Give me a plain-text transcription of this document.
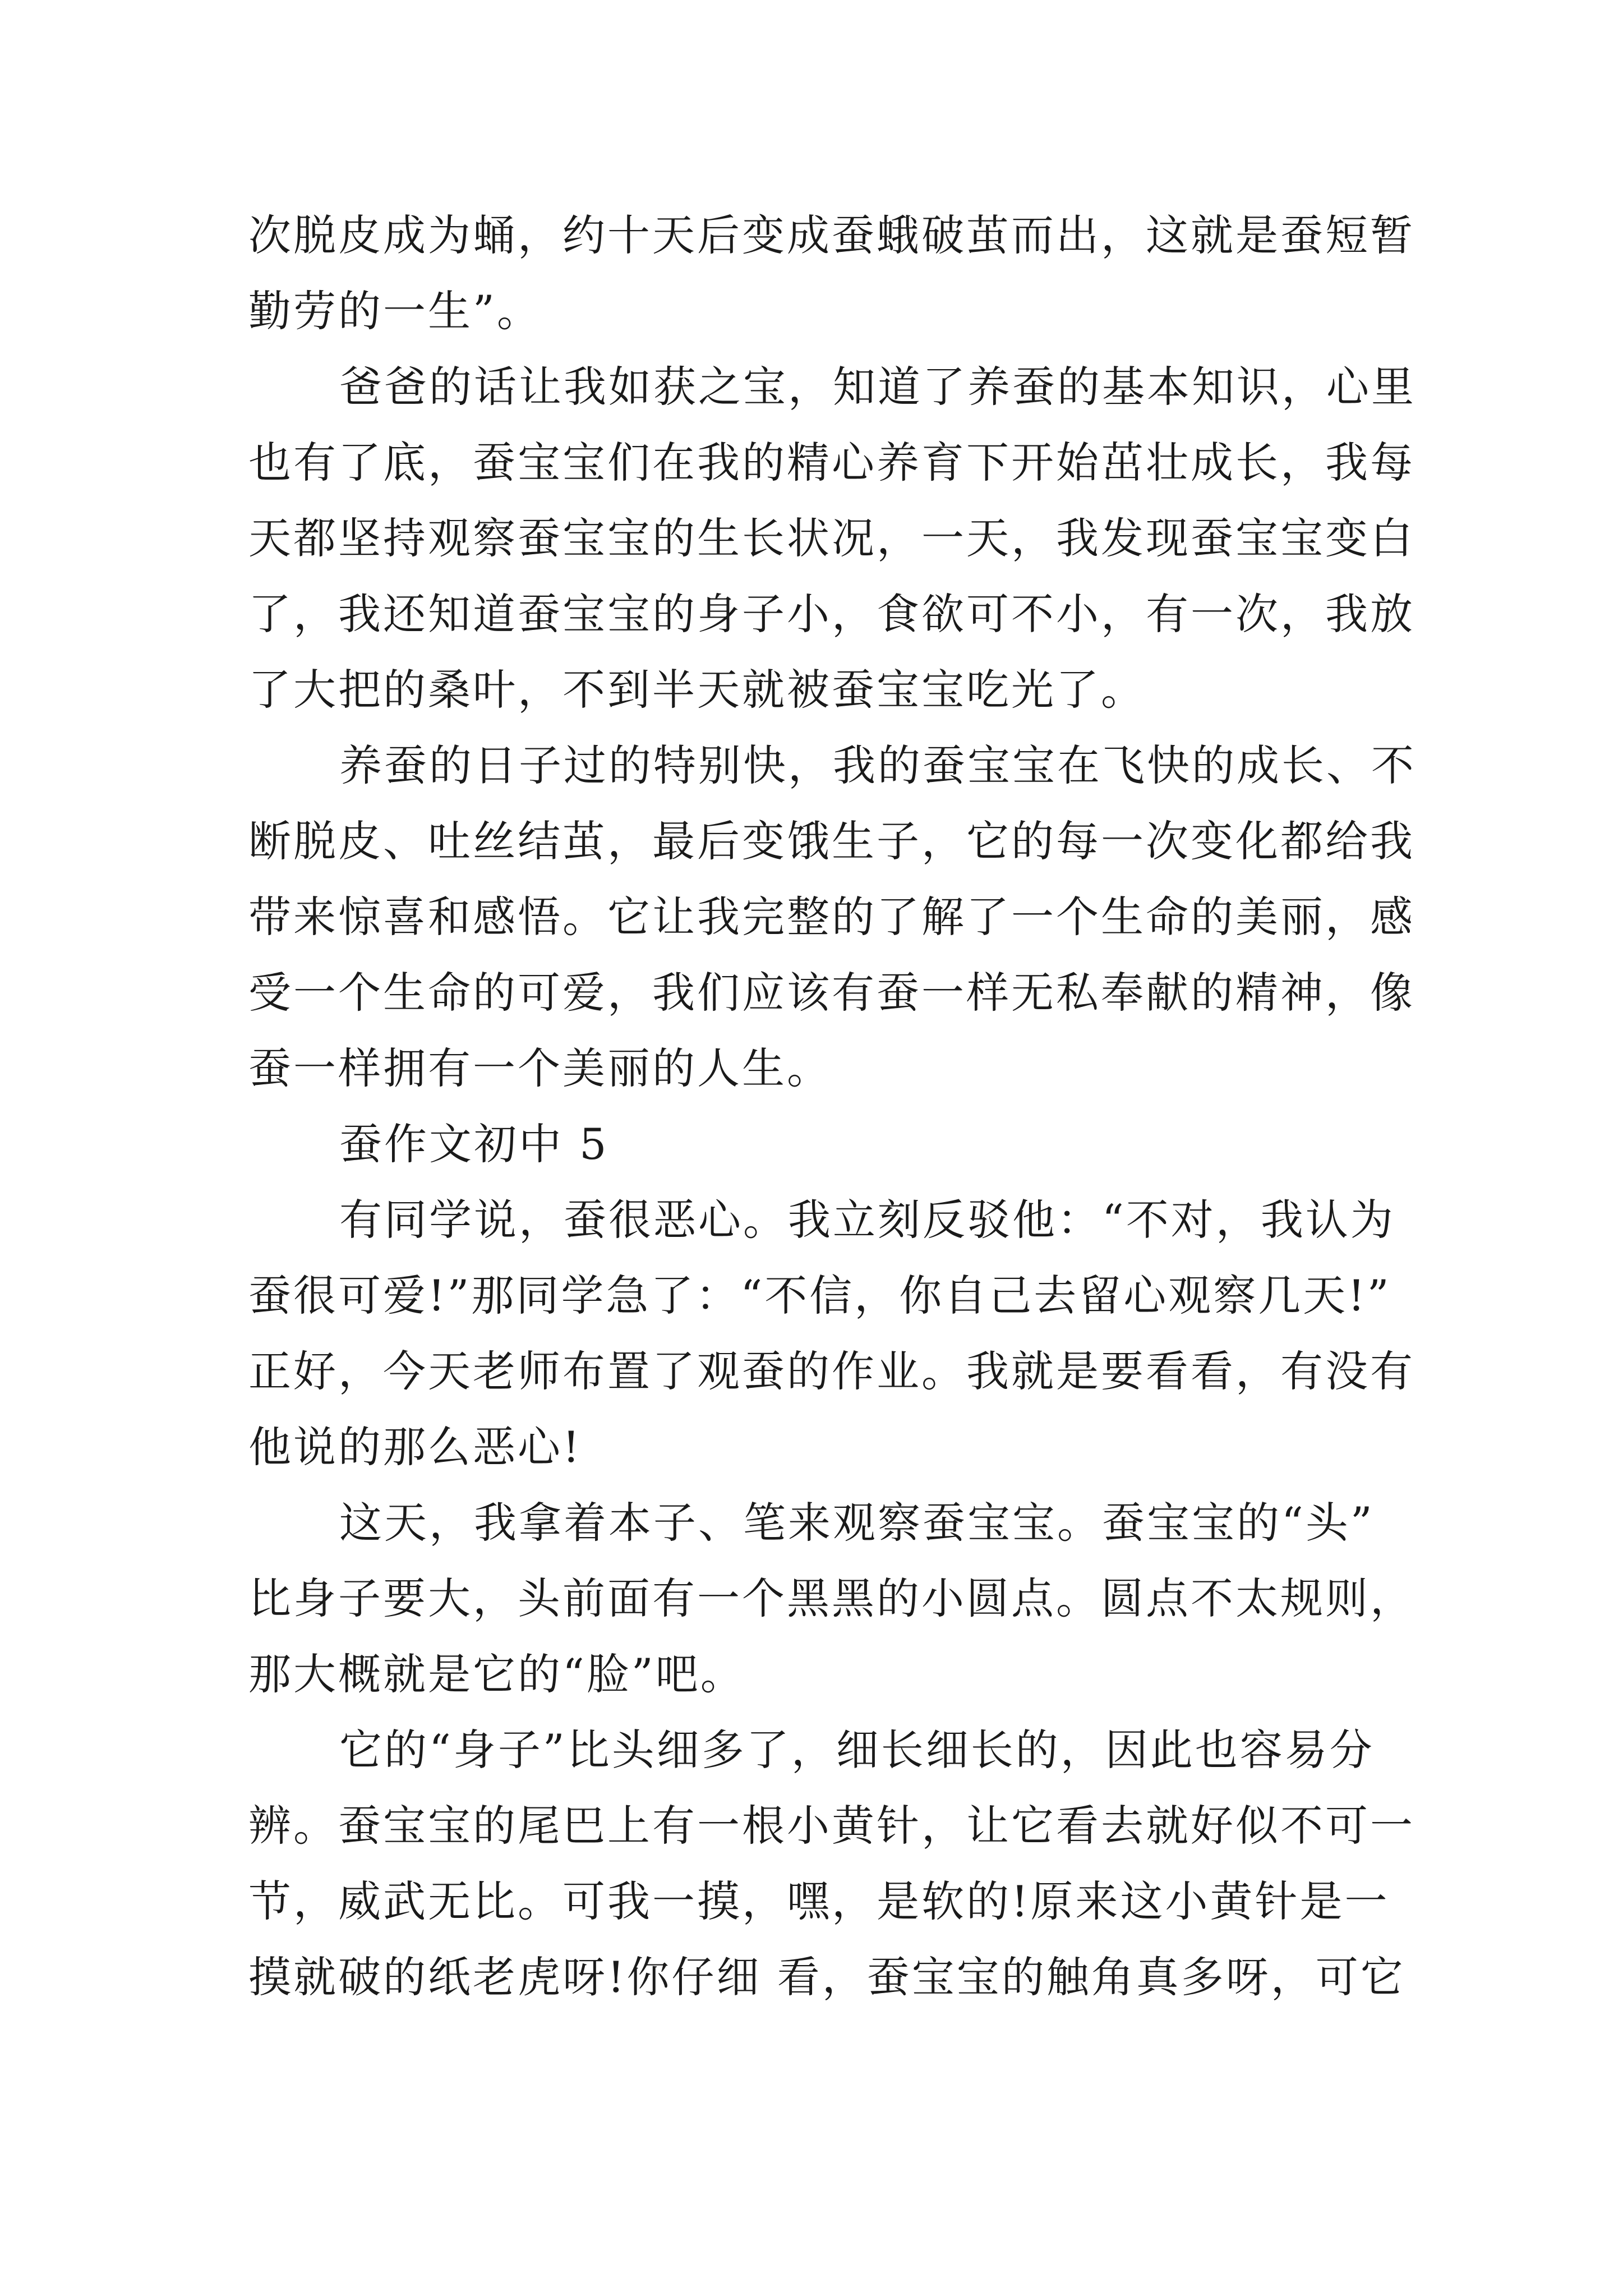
次脱皮成为蛹，约十天后变成蚕蛾破茧而出，这就是蚕短暂
勤劳的一生”。
爸爸的话让我如获之宝，知道了养蚕的基本知识，心里
也有了底，蚕宝宝们在我的精心养育下开始茁壮成长，我每
天都坚持观察蚕宝宝的生长状况，一天，我发现蚕宝宝变白
了，我还知道蚕宝宝的身子小，食欲可不小，有一次，我放
了大把的桑叶，不到半天就被蚕宝宝吃光了。
养蚕的日子过的特别快，我的蚕宝宝在飞快的成长、不
断脱皮、吐丝结茧，最后变饿生子，它的每一次变化都给我
带来惊喜和感悟。它让我完整的了解了一个生命的美丽，感
受一个生命的可爱，我们应该有蚕一样无私奉献的精神，像
蚕一样拥有一个美丽的人生。
蚕作文初中 5
有同学说，蚕很恶心。我立刻反驳他：“不对，我认为
蚕很可爱!”那同学急了：“不信，你自己去留心观察几天!”
正好，今天老师布置了观蚕的作业。我就是要看看，有没有
他说的那么恶心!
这天，我拿着本子、笔来观察蚕宝宝。蚕宝宝的“头”
比身子要大，头前面有一个黑黑的小圆点。圆点不太规则，
那大概就是它的“脸”吧。
它的“身子”比头细多了，细长细长的，因此也容易分
辨。蚕宝宝的尾巴上有一根小黄针，让它看去就好似不可一
节，威武无比。可我一摸，嘿，是软的!原来这小黄针是一
摸就破的纸老虎呀!你仔细 看，蚕宝宝的触角真多呀，可它
